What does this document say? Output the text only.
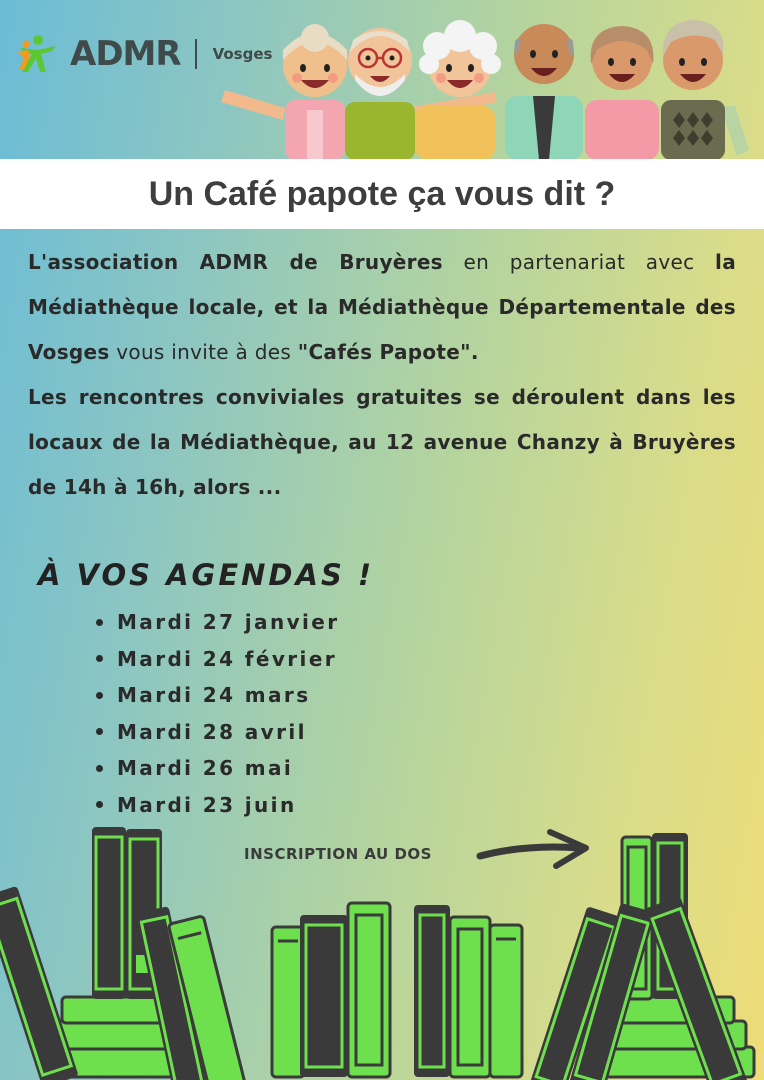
ADMR Vosges
Un Café papote ça vous dit ?

L'association ADMR de Bruyères en partenariat avec la Médiathèque locale, et la Médiathèque Départementale des Vosges vous invite à des "Cafés Papote".

Les rencontres conviviales gratuites se déroulent dans les locaux de la Médiathèque, au 12 avenue Chanzy à Bruyères de 14h à 16h, alors ...

À VOS AGENDAS !
Mardi 27 janvier
Mardi 24 février
Mardi 24 mars
Mardi 28 avril
Mardi 26 mai
Mardi 23 juin
INSCRIPTION AU DOS
